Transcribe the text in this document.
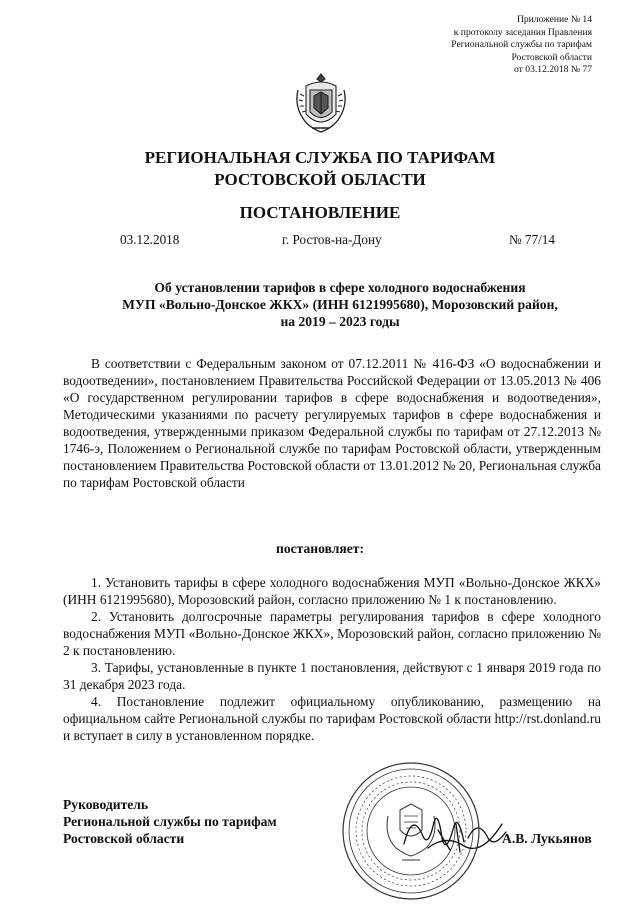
Приложение № 14
к протоколу заседания Правления
Региональной службы по тарифам
Ростовской области
от 03.12.2018 № 77
РЕГИОНАЛЬНАЯ СЛУЖБА ПО ТАРИФАМ
РОСТОВСКОЙ ОБЛАСТИ
ПОСТАНОВЛЕНИЕ
03.12.2018	г. Ростов-на-Дону	№ 77/14
Об установлении тарифов в сфере холодного водоснабжения
МУП «Вольно-Донское ЖКХ» (ИНН 6121995680), Морозовский район,
на 2019 – 2023 годы
В соответствии с Федеральным законом от 07.12.2011 № 416-ФЗ «О водоснабжении и водоотведении», постановлением Правительства Российской Федерации от 13.05.2013 № 406 «О государственном регулировании тарифов в сфере водоснабжения и водоотведения», Методическими указаниями по расчету регулируемых тарифов в сфере водоснабжения и водоотведения, утвержденными приказом Федеральной службы по тарифам от 27.12.2013 № 1746-э, Положением о Региональной службе по тарифам Ростовской области, утвержденным постановлением Правительства Ростовской области от 13.01.2012 № 20, Региональная служба по тарифам Ростовской области
постановляет:

1. Установить тарифы в сфере холодного водоснабжения МУП «Вольно-Донское ЖКХ» (ИНН 6121995680), Морозовский район, согласно приложению № 1 к постановлению.

2. Установить долгосрочные параметры регулирования тарифов в сфере холодного водоснабжения МУП «Вольно-Донское ЖКХ», Морозовский район, согласно приложению № 2 к постановлению.

3. Тарифы, установленные в пункте 1 постановления, действуют с 1 января 2019 года по 31 декабря 2023 года.

4. Постановление подлежит официальному опубликованию, размещению на официальном сайте Региональной службы по тарифам Ростовской области http://rst.donland.ru и вступает в силу в установленном порядке.

Руководитель
Региональной службы по тарифам
Ростовской области	А.В. Лукьянов
